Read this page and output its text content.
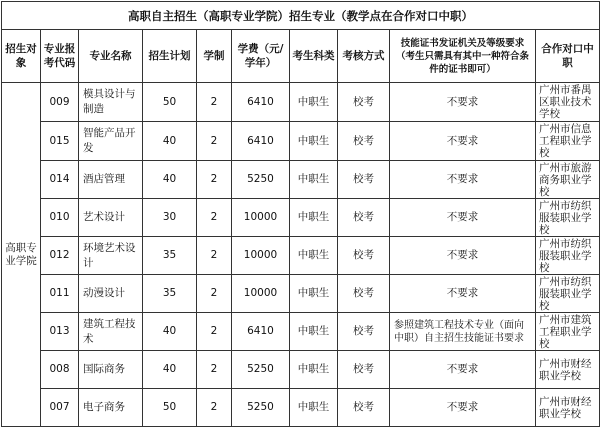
高职自主招生（高职专业学院）招生专业（教学点在合作对口中职）									
招生对象	专业报考代码	专业名称	招生计划	学制	学费（元/学年）	考生科类	考核方式	技能证书发证机关及等级要求
（考生只需具有其中一种符合条件的证书即可）	合作对口中职
高职专业学院	009	模具设计与制造	50	2	6410	中职生	校考	不要求	广州市番禺区职业技术学校
	015	智能产品开发	40	2	6410	中职生	校考	不要求	广州市信息工程职业学校
	014	酒店管理	40	2	5250	中职生	校考	不要求	广州市旅游商务职业学校
	010	艺术设计	30	2	10000	中职生	校考	不要求	广州市纺织服装职业学校
	012	环境艺术设计	35	2	10000	中职生	校考	不要求	广州市纺织服装职业学校
	011	动漫设计	35	2	10000	中职生	校考	不要求	广州市纺织服装职业学校
	013	建筑工程技术	40	2	6410	中职生	校考	参照建筑工程技术专业（面向中职）自主招生技能证书要求	广州市建筑工程职业学校
	008	国际商务	40	2	5250	中职生	校考	不要求	广州市财经职业学校
	007	电子商务	50	2	5250	中职生	校考	不要求	广州市财经职业学校
